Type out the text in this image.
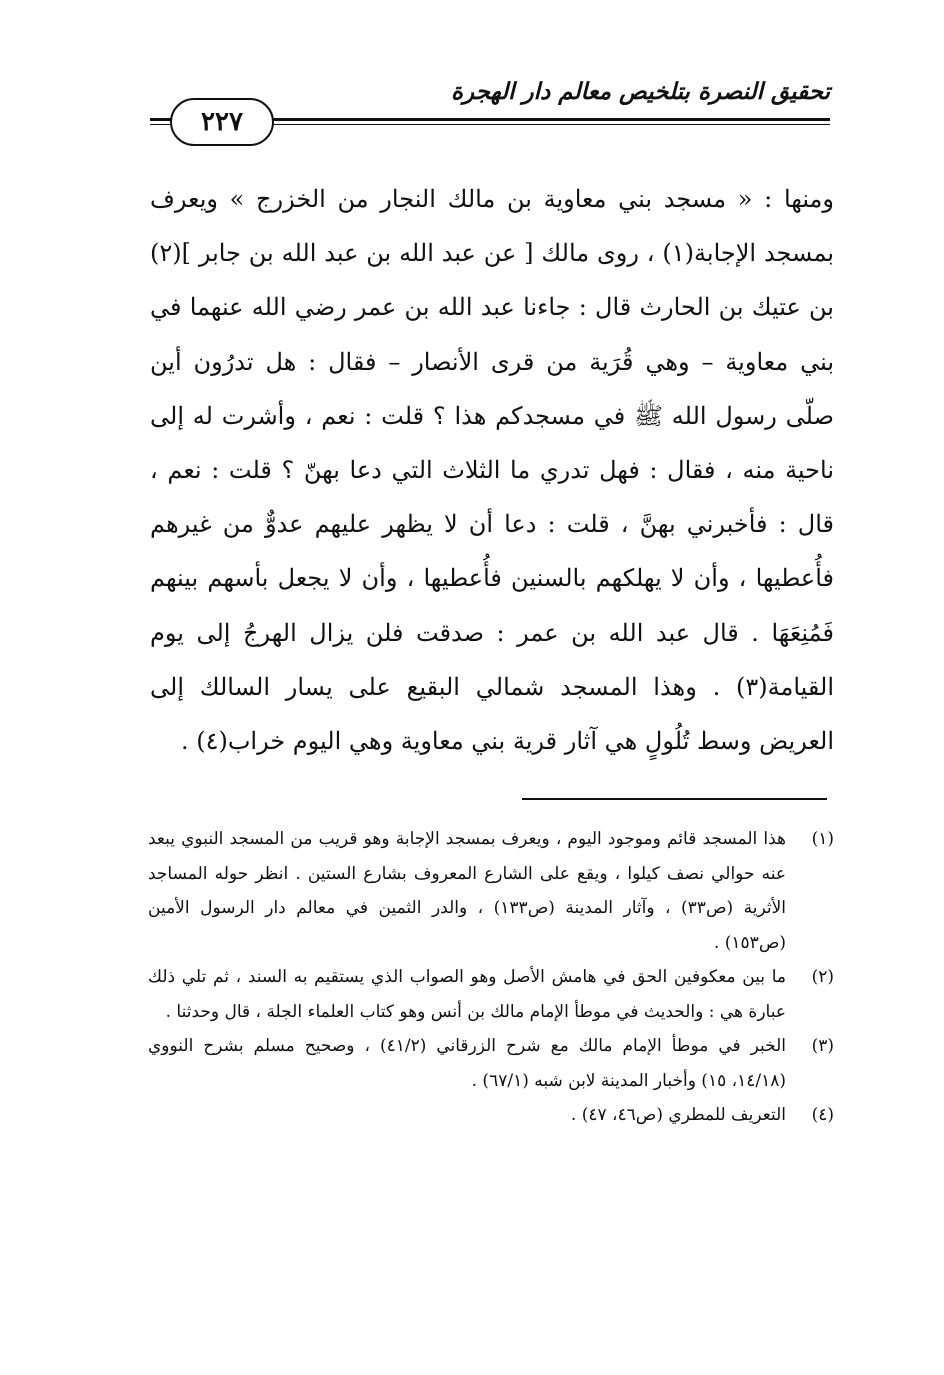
تحقيق النصرة بتلخيص معالم دار الهجرة
٢٢٧

ومنها : « مسجد بني معاوية بن مالك النجار من الخزرج » ويعرف بمسجد الإجابة(١) ، روى مالك [ عن عبد الله بن عبد الله بن جابر ](٢) بن عتيك بن الحارث قال : جاءنا عبد الله بن عمر رضي الله عنهما في بني معاوية – وهي قُرَية من قرى الأنصار – فقال : هل تدرُون أين صلّى رسول الله ﷺ في مسجدكم هذا ؟ قلت : نعم ، وأشرت له إلى ناحية منه ، فقال : فهل تدري ما الثلاث التي دعا بهنّ ؟ قلت : نعم ، قال : فأخبرني بهنَّ ، قلت : دعا أن لا يظهر عليهم عدوٌّ من غيرهم فأُعطيها ، وأن لا يهلكهم بالسنين فأُعطيها ، وأن لا يجعل بأسهم بينهم فَمُنِعَهَا . قال عبد الله بن عمر : صدقت فلن يزال الهرجُ إلى يوم القيامة(٣) . وهذا المسجد شمالي البقيع على يسار السالك إلى العريض وسط تُلُولٍ هي آثار قرية بني معاوية وهي اليوم خراب(٤) .

(١)
هذا المسجد قائم وموجود اليوم ، ويعرف بمسجد الإجابة وهو قريب من المسجد النبوي يبعد عنه حوالي نصف كيلوا ، ويقع على الشارع المعروف بشارع الستين . انظر حوله المساجد الأثرية (ص٣٣) ، وآثار المدينة (ص١٣٣) ، والدر الثمين في معالم دار الرسول الأمين (ص١٥٣) .
(٢)
ما بين معكوفين الحق في هامش الأصل وهو الصواب الذي يستقيم به السند ، ثم تلي ذلك عبارة هي : والحديث في موطأ الإمام مالك بن أنس وهو كتاب العلماء الجلة ، قال وحدثنا .
(٣)
الخبر في موطأ الإمام مالك مع شرح الزرقاني (٤١/٢) ، وصحيح مسلم بشرح النووي (١٤/١٨، ١٥) وأخبار المدينة لابن شبه (٦٧/١) .
(٤)
التعريف للمطري (ص٤٦، ٤٧) .
